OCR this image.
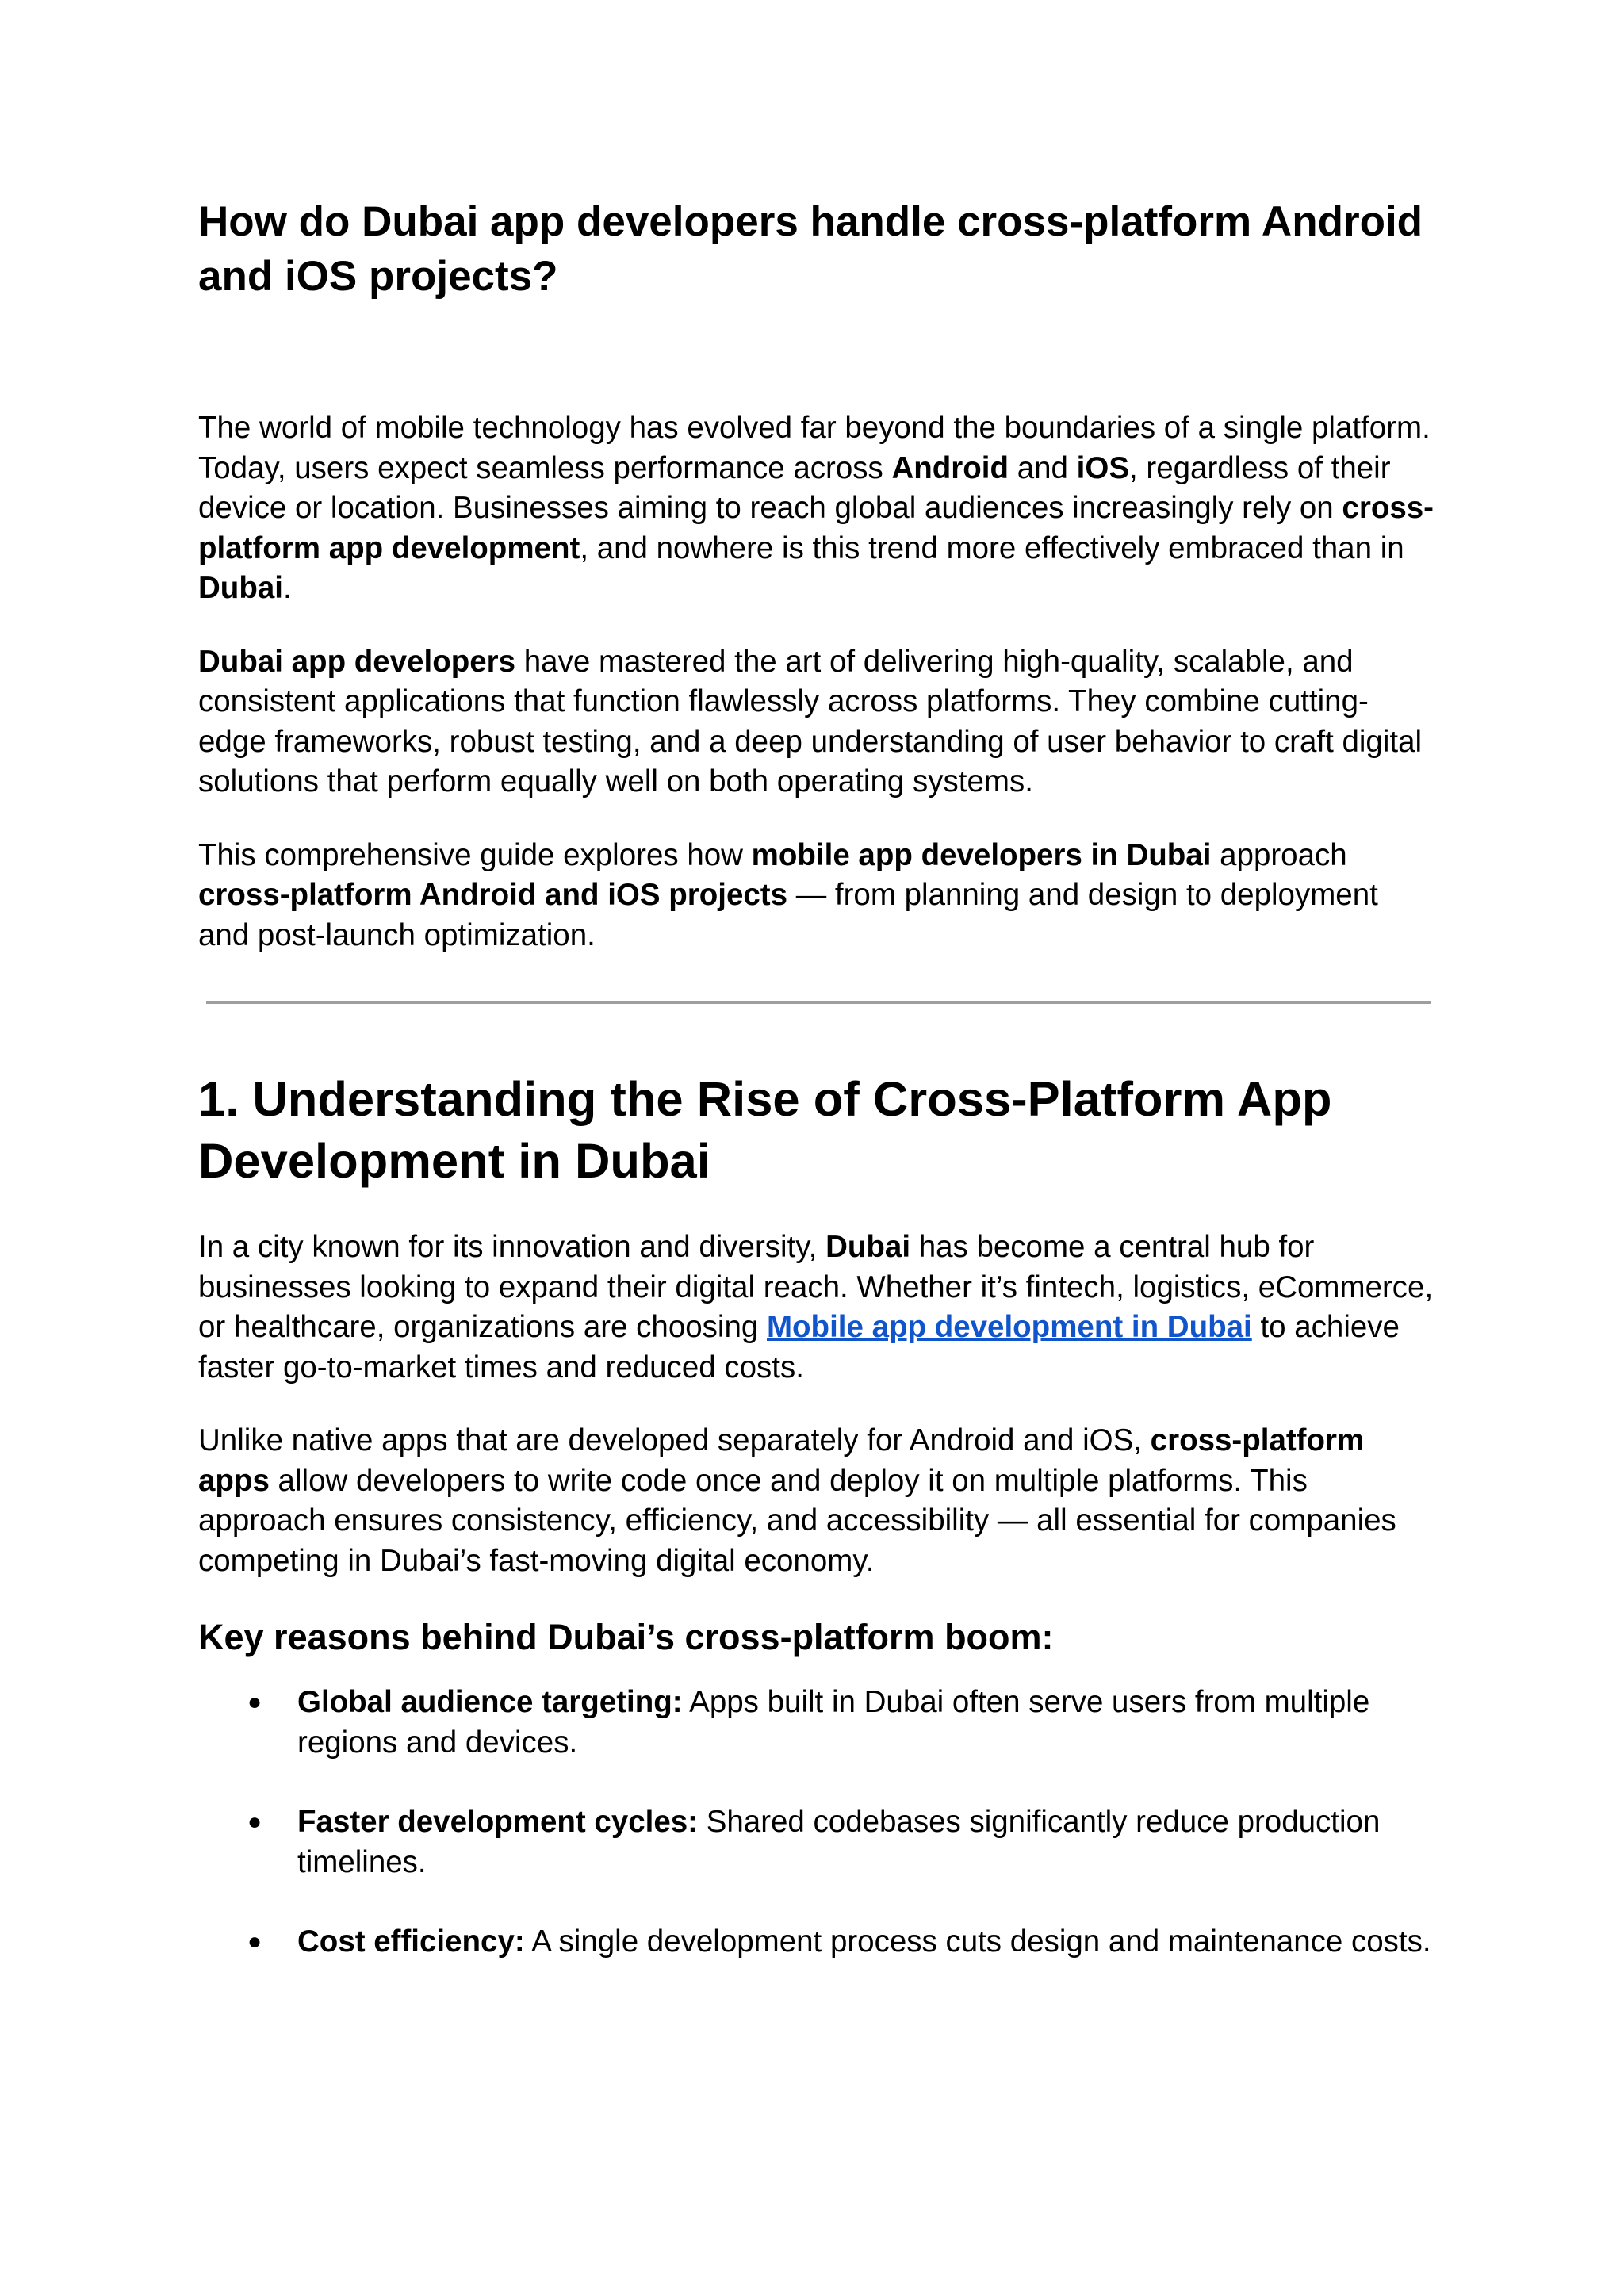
How do Dubai app developers handle cross-platform Android and iOS projects?

The world of mobile technology has evolved far beyond the boundaries of a single platform. Today, users expect seamless performance across Android and iOS, regardless of their device or location. Businesses aiming to reach global audiences increasingly rely on cross-platform app development, and nowhere is this trend more effectively embraced than in Dubai.

Dubai app developers have mastered the art of delivering high-quality, scalable, and consistent applications that function flawlessly across platforms. They combine cutting-edge frameworks, robust testing, and a deep understanding of user behavior to craft digital solutions that perform equally well on both operating systems.

This comprehensive guide explores how mobile app developers in Dubai approach cross-platform Android and iOS projects — from planning and design to deployment and post-launch optimization.

1. Understanding the Rise of Cross-Platform App Development in Dubai

In a city known for its innovation and diversity, Dubai has become a central hub for businesses looking to expand their digital reach. Whether it’s fintech, logistics, eCommerce, or healthcare, organizations are choosing Mobile app development in Dubai to achieve faster go-to-market times and reduced costs.

Unlike native apps that are developed separately for Android and iOS, cross-platform apps allow developers to write code once and deploy it on multiple platforms. This approach ensures consistency, efficiency, and accessibility — all essential for companies competing in Dubai’s fast-moving digital economy.

Key reasons behind Dubai’s cross-platform boom:
● Global audience targeting: Apps built in Dubai often serve users from multiple regions and devices.
● Faster development cycles: Shared codebases significantly reduce production timelines.
● Cost efficiency: A single development process cuts design and maintenance costs.
